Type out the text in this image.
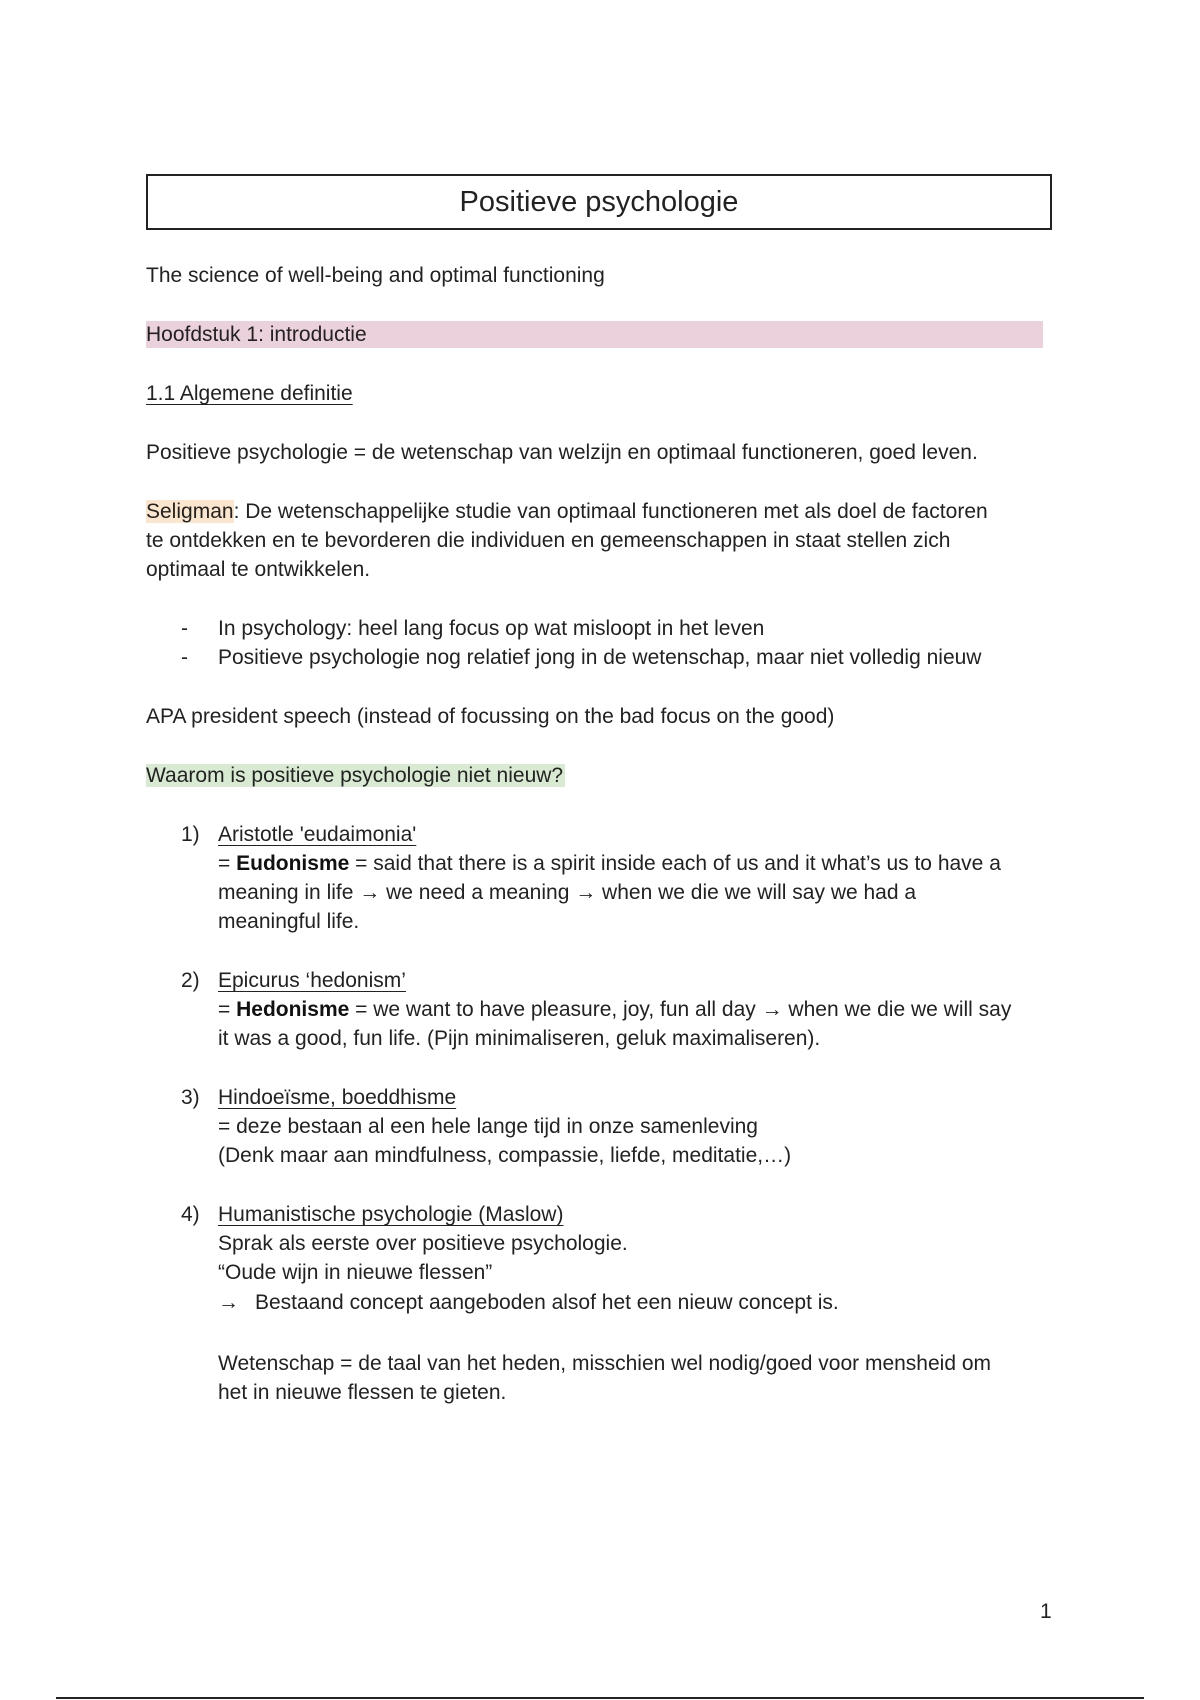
Positieve psychologie
The science of well-being and optimal functioning
Hoofdstuk 1: introductie
1.1 Algemene definitie
Positieve psychologie = de wetenschap van welzijn en optimaal functioneren, goed leven.
Seligman: De wetenschappelijke studie van optimaal functioneren met als doel de factoren
te ontdekken en te bevorderen die individuen en gemeenschappen in staat stellen zich
optimaal te ontwikkelen.
- In psychology: heel lang focus op wat misloopt in het leven
- Positieve psychologie nog relatief jong in de wetenschap, maar niet volledig nieuw
APA president speech (instead of focussing on the bad focus on the good)
Waarom is positieve psychologie niet nieuw?
1) Aristotle 'eudaimonia'
= Eudonisme = said that there is a spirit inside each of us and it what’s us to have a
meaning in life → we need a meaning → when we die we will say we had a
meaningful life.
2) Epicurus ‘hedonism’
= Hedonisme = we want to have pleasure, joy, fun all day → when we die we will say
it was a good, fun life. (Pijn minimaliseren, geluk maximaliseren).
3) Hindoeïsme, boeddhisme
= deze bestaan al een hele lange tijd in onze samenleving
(Denk maar aan mindfulness, compassie, liefde, meditatie,…)
4) Humanistische psychologie (Maslow)
Sprak als eerste over positieve psychologie.
“Oude wijn in nieuwe flessen”
→ Bestaand concept aangeboden alsof het een nieuw concept is.
Wetenschap = de taal van het heden, misschien wel nodig/goed voor mensheid om
het in nieuwe flessen te gieten.
1
